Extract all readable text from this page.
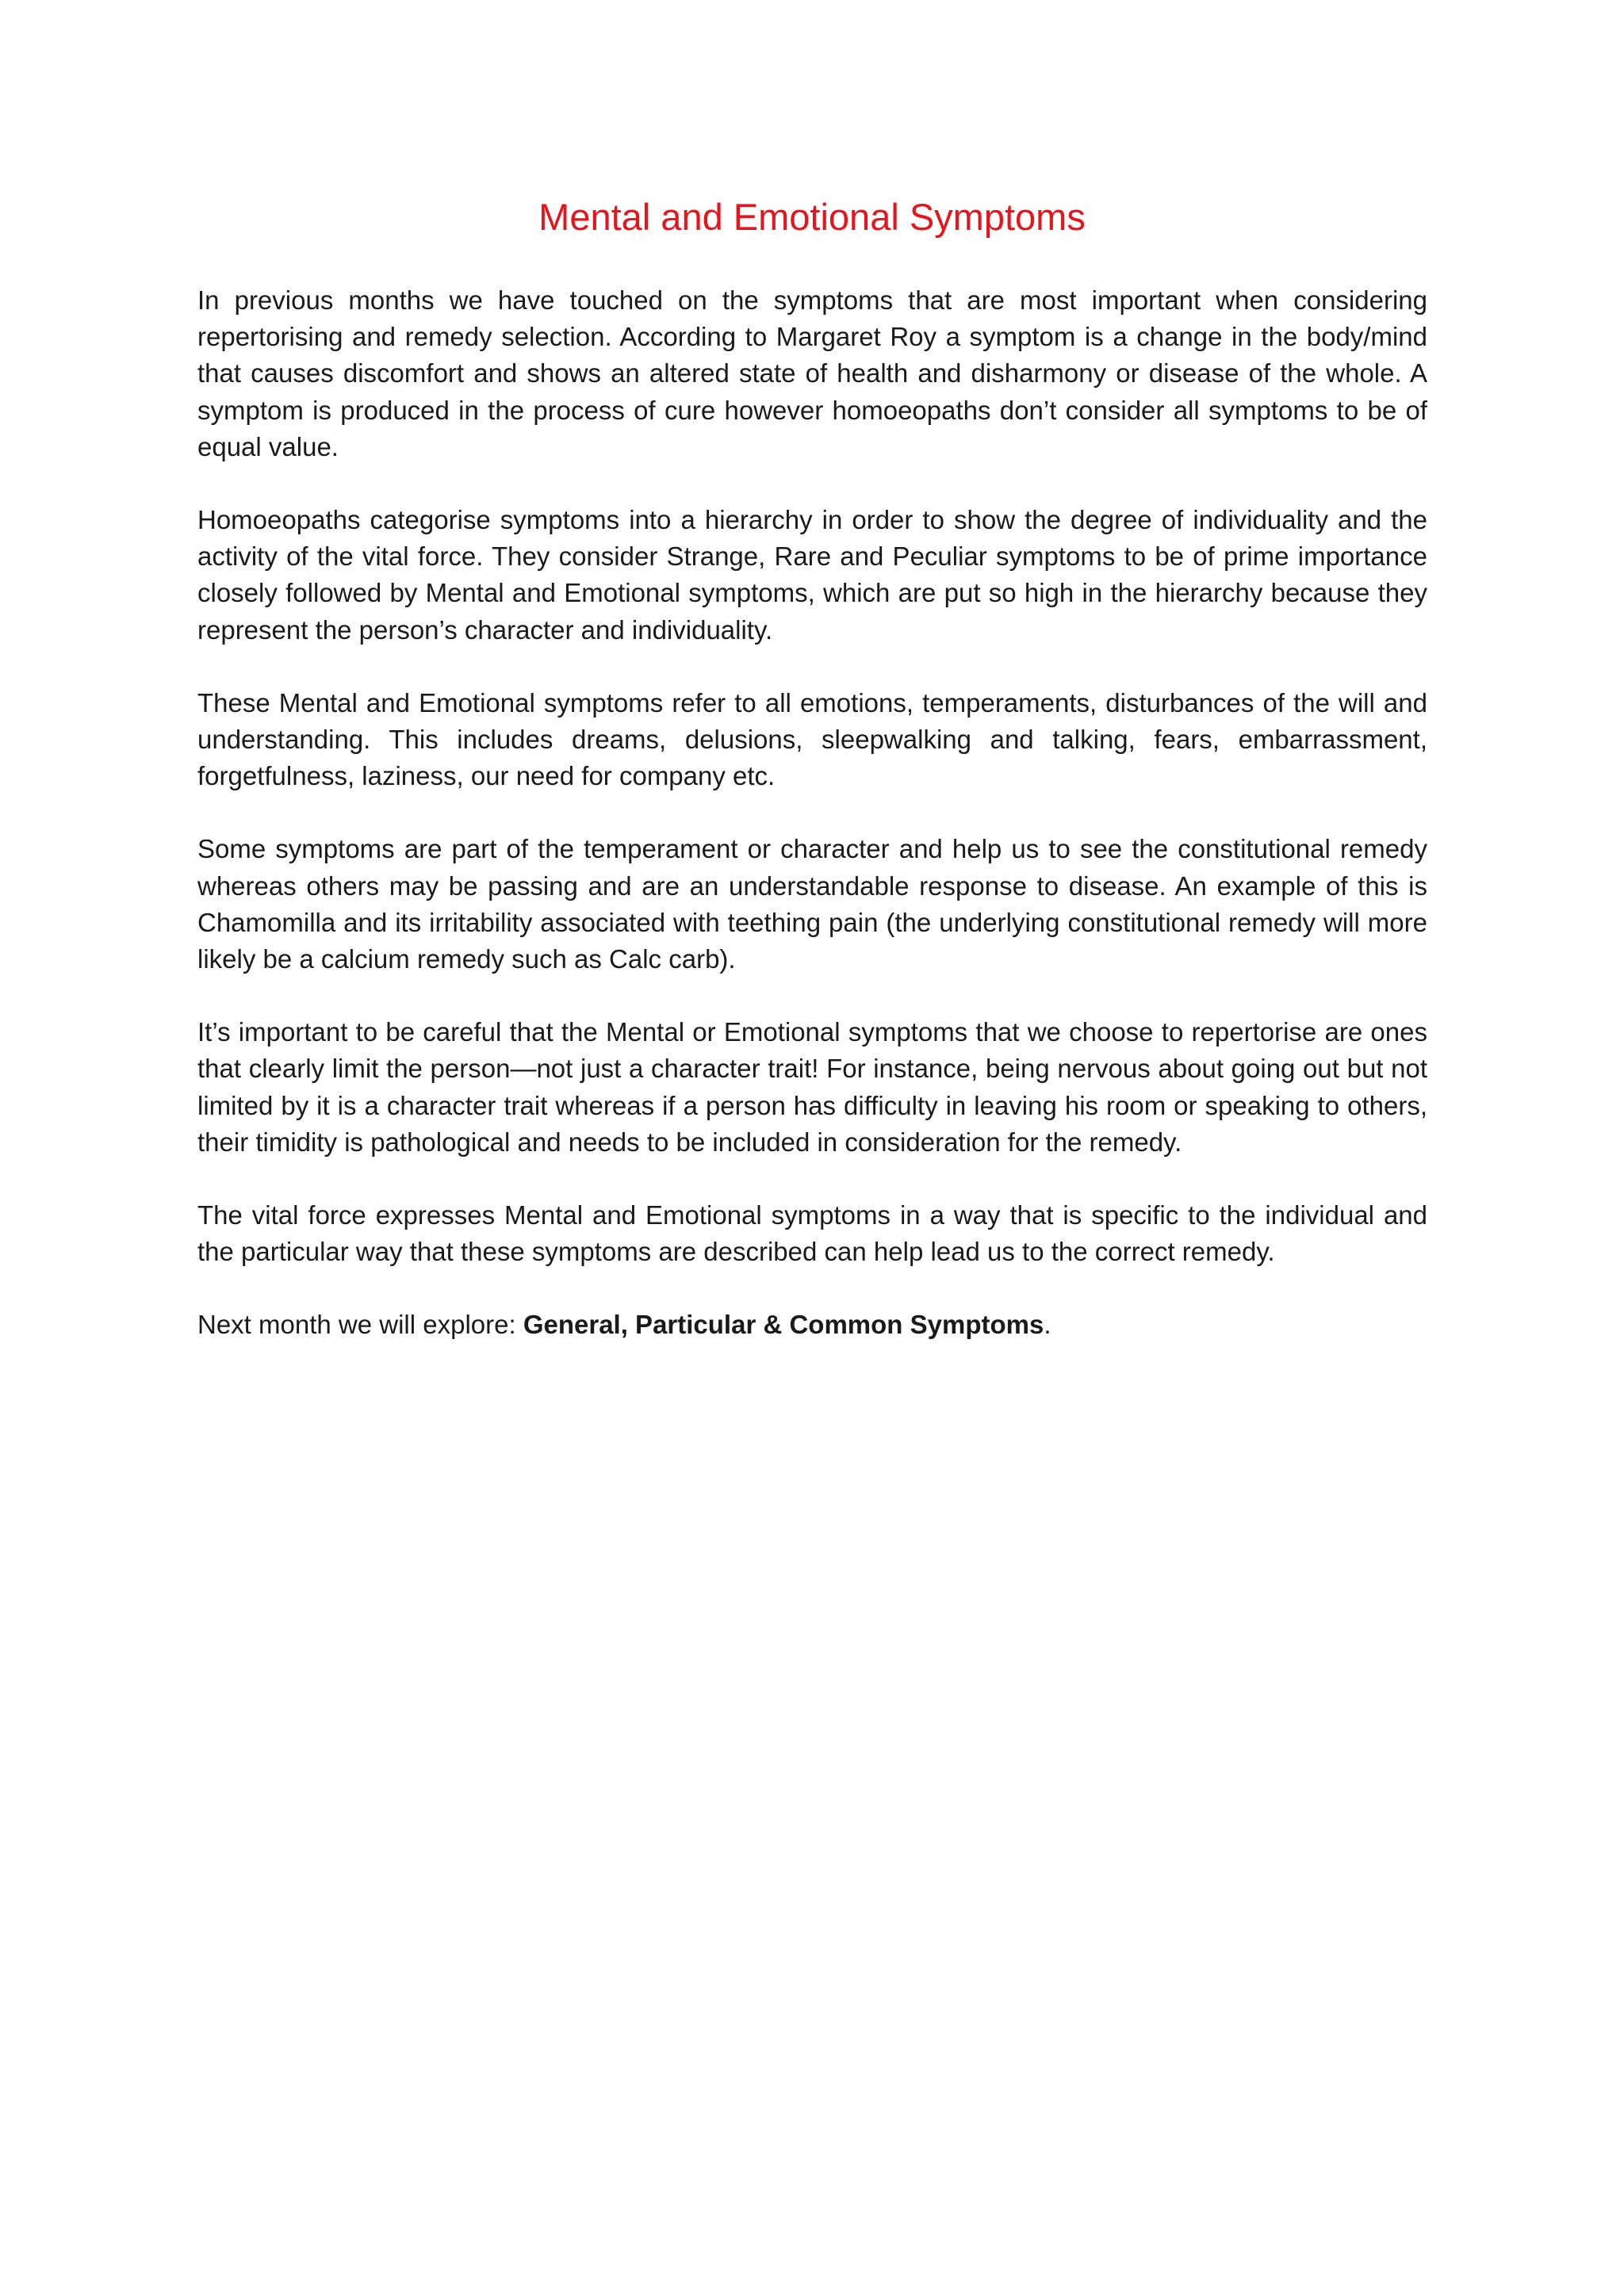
Mental and Emotional Symptoms

In previous months we have touched on the symptoms that are most important when considering repertorising and remedy selection. According to Margaret Roy a symptom is a change in the body/mind that causes discomfort and shows an altered state of health and disharmony or disease of the whole. A symptom is produced in the process of cure however homoeopaths don’t consider all symptoms to be of equal value.

Homoeopaths categorise symptoms into a hierarchy in order to show the degree of individuality and the activity of the vital force. They consider Strange, Rare and Peculiar symptoms to be of prime importance closely followed by Mental and Emotional symptoms, which are put so high in the hierarchy because they represent the person’s character and individuality.

These Mental and Emotional symptoms refer to all emotions, temperaments, disturbances of the will and understanding. This includes dreams, delusions, sleepwalking and talking, fears, embarrassment, forgetfulness, laziness, our need for company etc.

Some symptoms are part of the temperament or character and help us to see the constitutional remedy whereas others may be passing and are an understandable response to disease. An example of this is Chamomilla and its irritability associated with teething pain (the underlying constitutional remedy will more likely be a calcium remedy such as Calc carb).

It’s important to be careful that the Mental or Emotional symptoms that we choose to repertorise are ones that clearly limit the person—not just a character trait! For instance, being nervous about going out but not limited by it is a character trait whereas if a person has difficulty in leaving his room or speaking to others, their timidity is pathological and needs to be included in consideration for the remedy.

The vital force expresses Mental and Emotional symptoms in a way that is specific to the individual and the particular way that these symptoms are described can help lead us to the correct remedy.

Next month we will explore: General, Particular & Common Symptoms.
